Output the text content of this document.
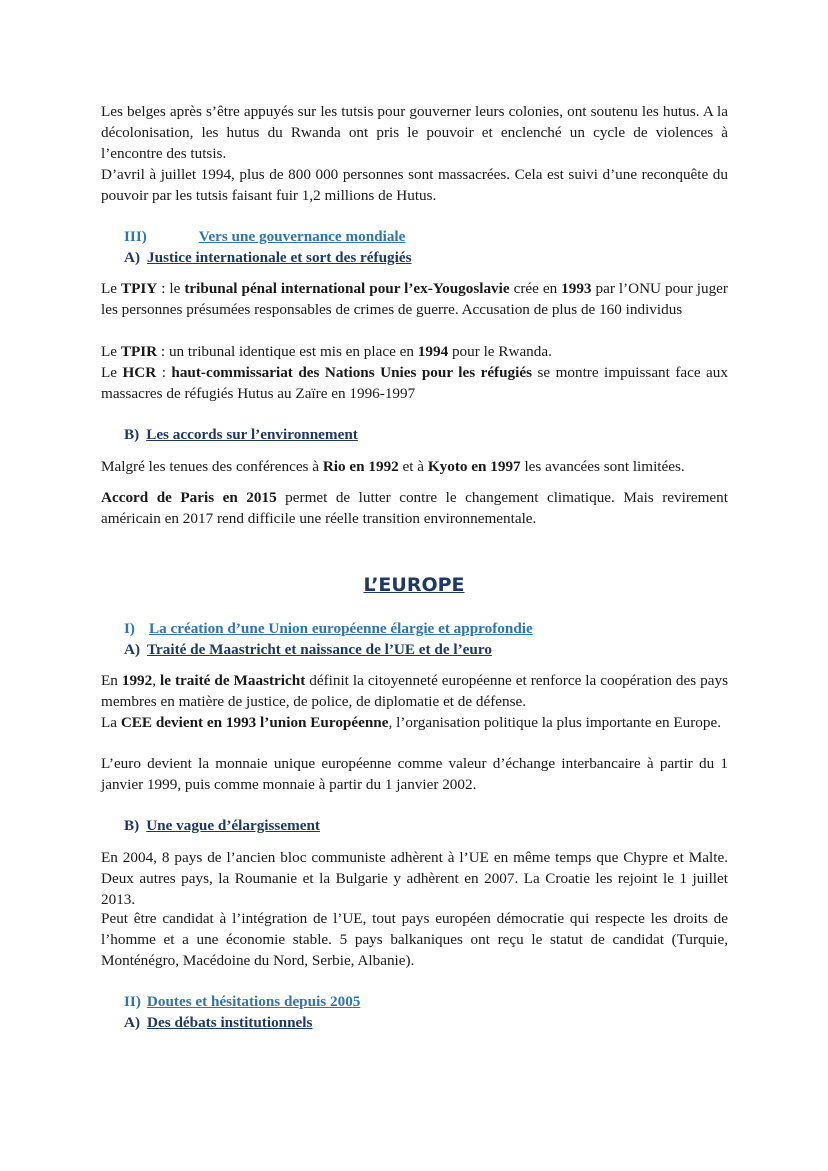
Les belges après s’être appuyés sur les tutsis pour gouverner leurs colonies, ont soutenu les hutus. A la décolonisation, les hutus du Rwanda ont pris le pouvoir et enclenché un cycle de violences à l’encontre des tutsis.

D’avril à juillet 1994, plus de 800 000 personnes sont massacrées. Cela est suivi d’une reconquête du pouvoir par les tutsis faisant fuir 1,2 millions de Hutus.

III)	Vers une gouvernance mondiale
A) Justice internationale et sort des réfugiés

Le TPIY : le tribunal pénal international pour l’ex-Yougoslavie crée en 1993 par l’ONU pour juger les personnes présumées responsables de crimes de guerre. Accusation de plus de 160 individus

Le TPIR : un tribunal identique est mis en place en 1994 pour le Rwanda.

Le HCR : haut-commissariat des Nations Unies pour les réfugiés se montre impuissant face aux massacres de réfugiés Hutus au Zaïre en 1996-1997

B) Les accords sur l’environnement

Malgré les tenues des conférences à Rio en 1992 et à Kyoto en 1997 les avancées sont limitées.

Accord de Paris en 2015 permet de lutter contre le changement climatique. Mais revirement américain en 2017 rend difficile une réelle transition environnementale.

L’EUROPE
I) La création d’une Union européenne élargie et approfondie
A) Traité de Maastricht et naissance de l’UE et de l’euro

En 1992, le traité de Maastricht définit la citoyenneté européenne et renforce la coopération des pays membres en matière de justice, de police, de diplomatie et de défense.

La CEE devient en 1993 l’union Européenne, l’organisation politique la plus importante en Europe.

L’euro devient la monnaie unique européenne comme valeur d’échange interbancaire à partir du 1 janvier 1999, puis comme monnaie à partir du 1 janvier 2002.

B) Une vague d’élargissement

En 2004, 8 pays de l’ancien bloc communiste adhèrent à l’UE en même temps que Chypre et Malte. Deux autres pays, la Roumanie et la Bulgarie y adhèrent en 2007. La Croatie les rejoint le 1 juillet 2013.

Peut être candidat à l’intégration de l’UE, tout pays européen démocratie qui respecte les droits de l’homme et a une économie stable. 5 pays balkaniques ont reçu le statut de candidat (Turquie, Monténégro, Macédoine du Nord, Serbie, Albanie).

II) Doutes et hésitations depuis 2005
A) Des débats institutionnels
